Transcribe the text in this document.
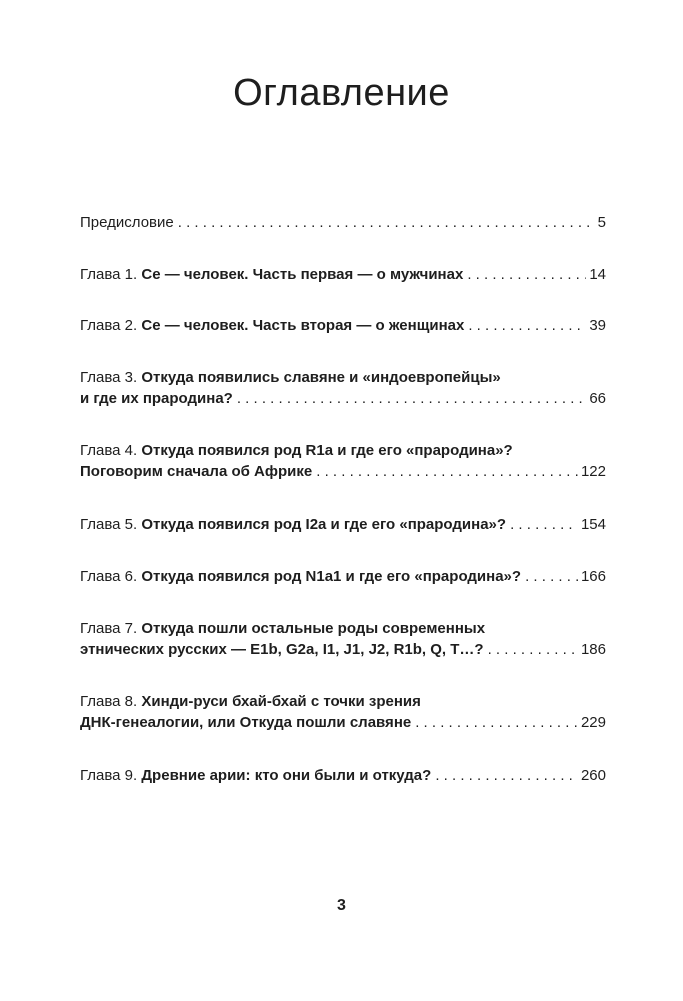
Оглавление
Предисловие . . .	5
Глава 1.
Се — человек. Часть первая — о мужчинах . . .	14
Глава 2.
Се — человек. Часть вторая — о женщинах . . .	39
Глава 3.
Откуда появились славяне и «индоевропейцы»
и где их прародина? . . .	66
Глава 4.
Откуда появился род R1a и где его «прародина»?
Поговорим сначала об Африке . . .	122
Глава 5.
Откуда появился род I2a и где его «прародина»? . . .	154
Глава 6.
Откуда появился род N1a1 и где его «прародина»? . . .	166
Глава 7.
Откуда пошли остальные роды современных
этнических русских — E1b, G2a, I1, J1, J2, R1b, Q, T…? . . .	186
Глава 8.
Хинди-руси бхай-бхай с точки зрения
ДНК-генеалогии, или Откуда пошли славяне . . .	229
Глава 9.
Древние арии: кто они были и откуда? . . .	260
3
